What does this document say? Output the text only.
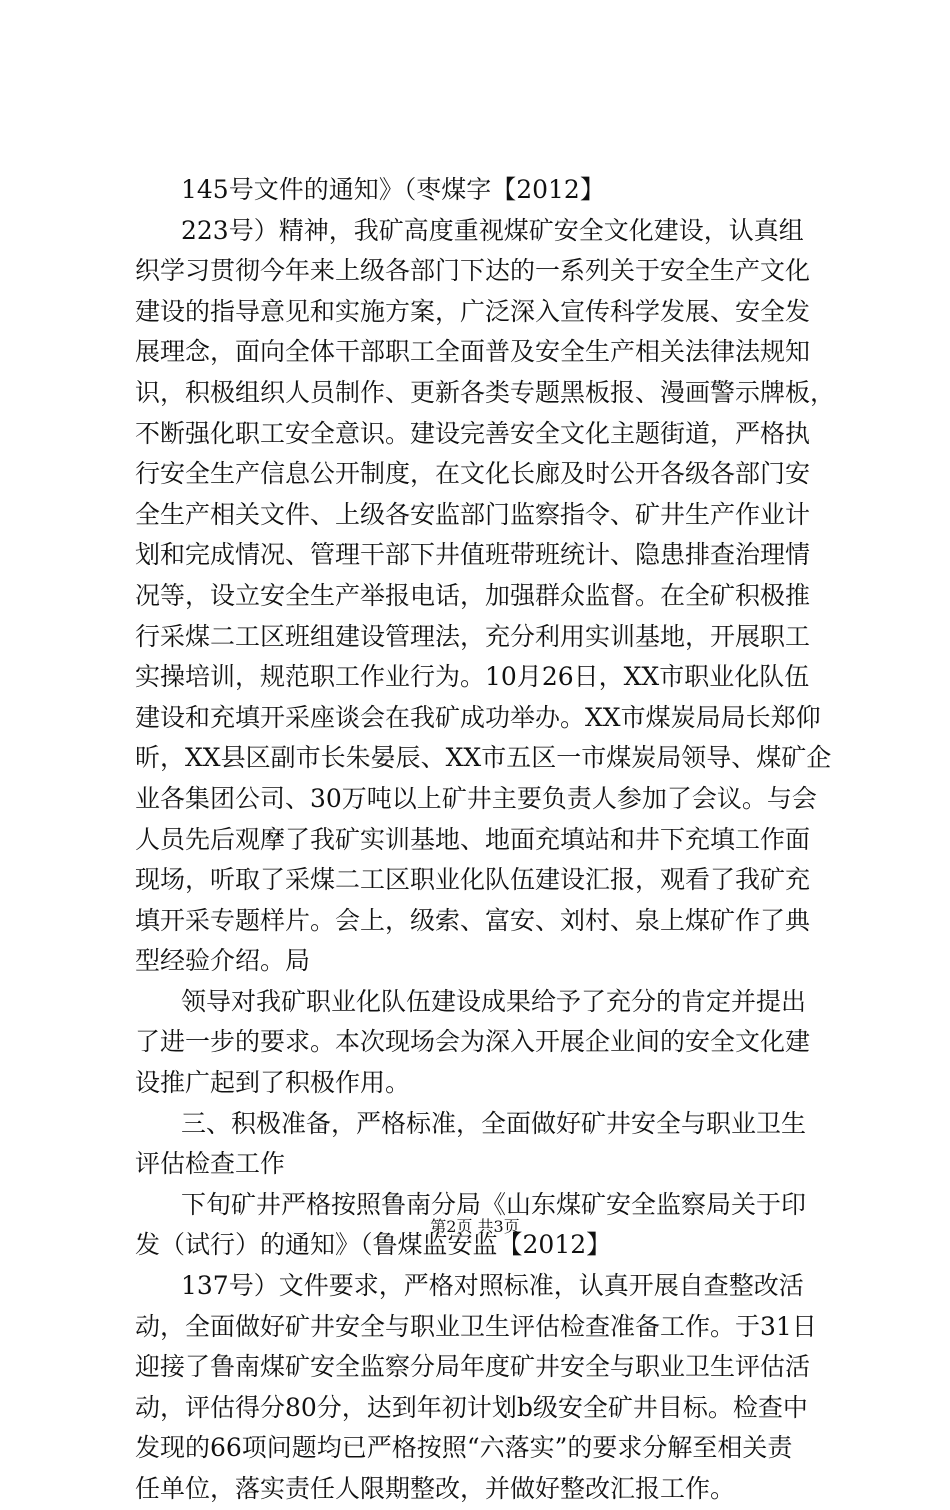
145号文件的通知》（枣煤字【2012】
223号）精神，我矿高度重视煤矿安全文化建设，认真组
织学习贯彻今年来上级各部门下达的一系列关于安全生产文化
建设的指导意见和实施方案，广泛深入宣传科学发展、安全发
展理念，面向全体干部职工全面普及安全生产相关法律法规知
识，积极组织人员制作、更新各类专题黑板报、漫画警示牌板，
不断强化职工安全意识。建设完善安全文化主题街道，严格执
行安全生产信息公开制度，在文化长廊及时公开各级各部门安
全生产相关文件、上级各安监部门监察指令、矿井生产作业计
划和完成情况、管理干部下井值班带班统计、隐患排查治理情
况等，设立安全生产举报电话，加强群众监督。在全矿积极推
行采煤二工区班组建设管理法，充分利用实训基地，开展职工
实操培训，规范职工作业行为。10月26日，XX市职业化队伍
建设和充填开采座谈会在我矿成功举办。XX市煤炭局局长郑仰
昕，XX县区副市长朱晏辰、XX市五区一市煤炭局领导、煤矿企
业各集团公司、30万吨以上矿井主要负责人参加了会议。与会
人员先后观摩了我矿实训基地、地面充填站和井下充填工作面
现场，听取了采煤二工区职业化队伍建设汇报，观看了我矿充
填开采专题样片。会上，级索、富安、刘村、泉上煤矿作了典
型经验介绍。局
领导对我矿职业化队伍建设成果给予了充分的肯定并提出
了进一步的要求。本次现场会为深入开展企业间的安全文化建
设推广起到了积极作用。
三、积极准备，严格标准，全面做好矿井安全与职业卫生
评估检查工作
下旬矿井严格按照鲁南分局《山东煤矿安全监察局关于印
发（试行）的通知》（鲁煤监安监【2012】
137号）文件要求，严格对照标准，认真开展自查整改活
动，全面做好矿井安全与职业卫生评估检查准备工作。于31日
迎接了鲁南煤矿安全监察分局年度矿井安全与职业卫生评估活
动，评估得分80分，达到年初计划b级安全矿井目标。检查中
发现的66项问题均已严格按照“六落实”的要求分解至相关责
任单位，落实责任人限期整改，并做好整改汇报工作。
第2页 共3页
